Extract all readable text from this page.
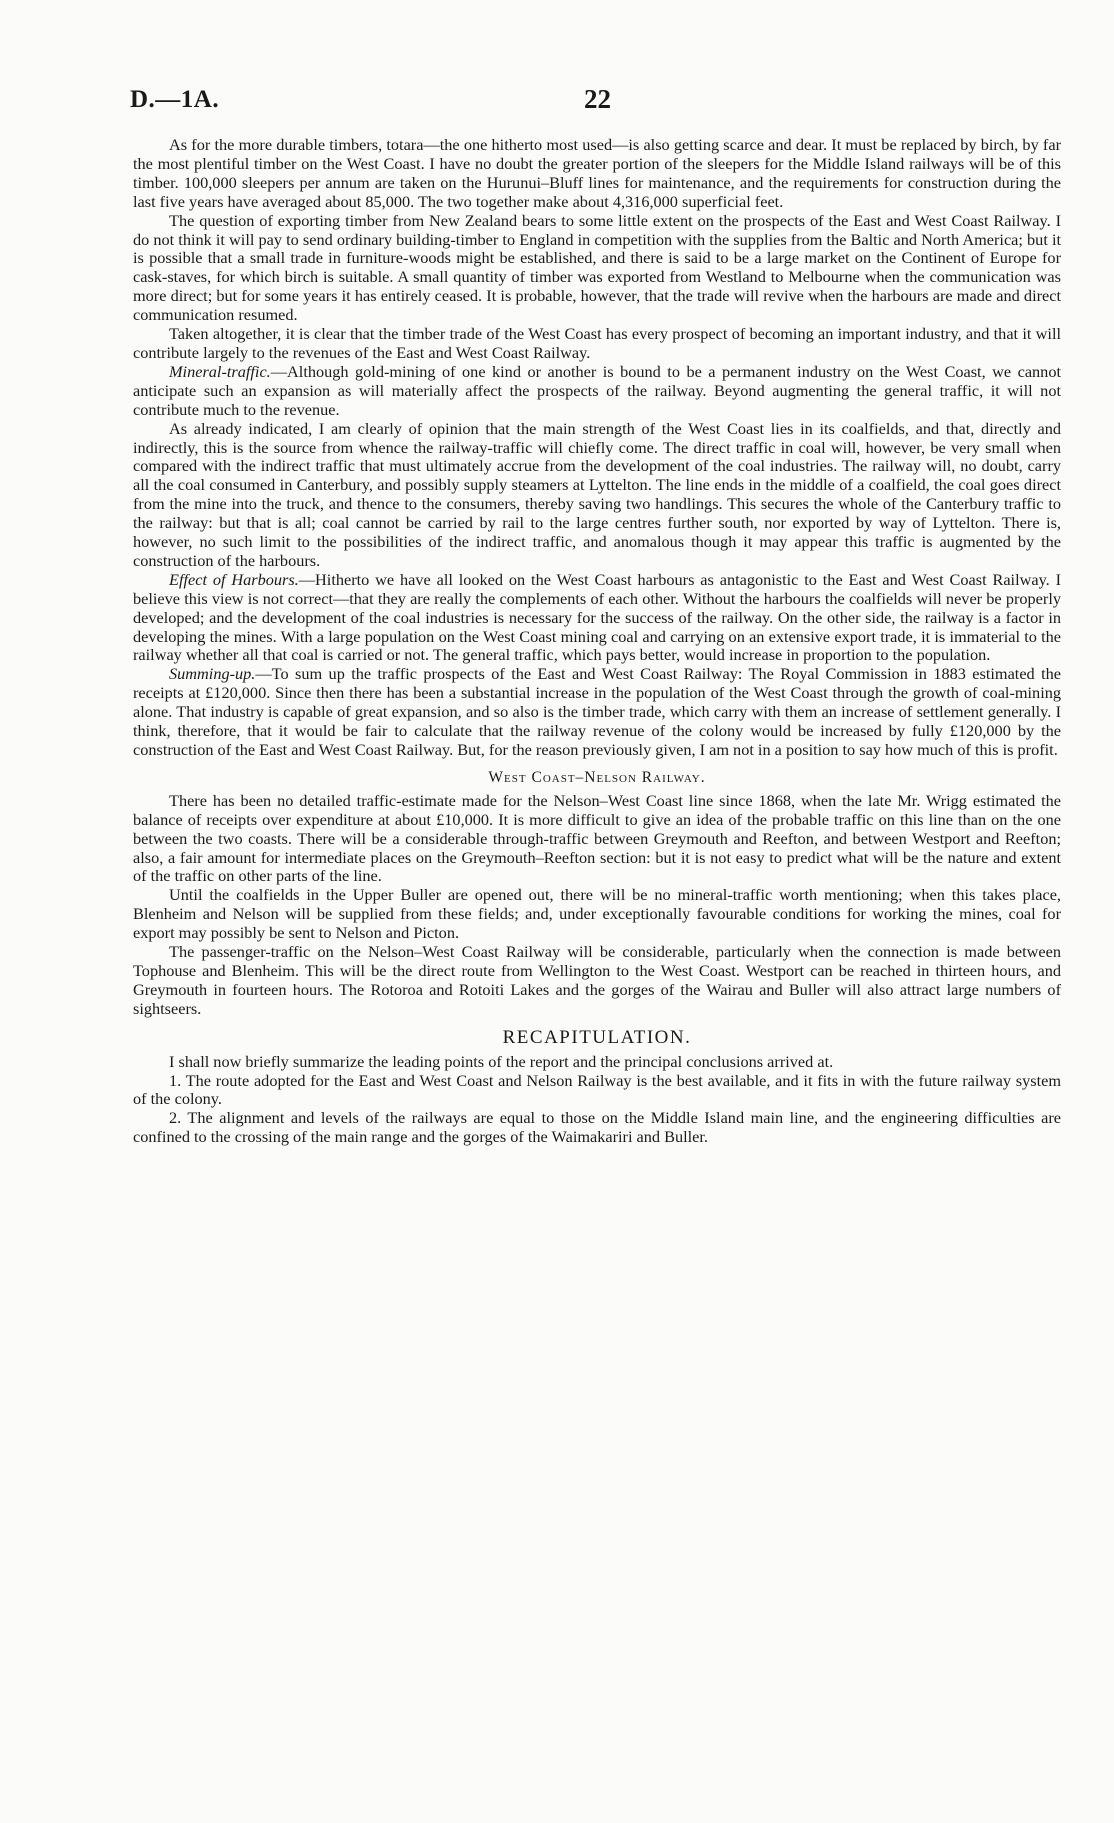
D.—1A.	22

As for the more durable timbers, totara—the one hitherto most used—is also getting scarce and dear. It must be replaced by birch, by far the most plentiful timber on the West Coast. I have no doubt the greater portion of the sleepers for the Middle Island railways will be of this timber. 100,000 sleepers per annum are taken on the Hurunui–Bluff lines for maintenance, and the requirements for construction during the last five years have averaged about 85,000. The two together make about 4,316,000 superficial feet.

The question of exporting timber from New Zealand bears to some little extent on the prospects of the East and West Coast Railway. I do not think it will pay to send ordinary building-timber to England in competition with the supplies from the Baltic and North America; but it is possible that a small trade in furniture-woods might be established, and there is said to be a large market on the Continent of Europe for cask-staves, for which birch is suitable. A small quantity of timber was exported from Westland to Melbourne when the communication was more direct; but for some years it has entirely ceased. It is probable, however, that the trade will revive when the harbours are made and direct communication resumed.

Taken altogether, it is clear that the timber trade of the West Coast has every prospect of becoming an important industry, and that it will contribute largely to the revenues of the East and West Coast Railway.

Mineral-traffic.—Although gold-mining of one kind or another is bound to be a permanent industry on the West Coast, we cannot anticipate such an expansion as will materially affect the prospects of the railway. Beyond augmenting the general traffic, it will not contribute much to the revenue.

As already indicated, I am clearly of opinion that the main strength of the West Coast lies in its coalfields, and that, directly and indirectly, this is the source from whence the railway-traffic will chiefly come. The direct traffic in coal will, however, be very small when compared with the indirect traffic that must ultimately accrue from the development of the coal industries. The railway will, no doubt, carry all the coal consumed in Canterbury, and possibly supply steamers at Lyttelton. The line ends in the middle of a coalfield, the coal goes direct from the mine into the truck, and thence to the consumers, thereby saving two handlings. This secures the whole of the Canterbury traffic to the railway: but that is all; coal cannot be carried by rail to the large centres further south, nor exported by way of Lyttelton. There is, however, no such limit to the possibilities of the indirect traffic, and anomalous though it may appear this traffic is augmented by the construction of the harbours.

Effect of Harbours.—Hitherto we have all looked on the West Coast harbours as antagonistic to the East and West Coast Railway. I believe this view is not correct—that they are really the complements of each other. Without the harbours the coalfields will never be properly developed; and the development of the coal industries is necessary for the success of the railway. On the other side, the railway is a factor in developing the mines. With a large population on the West Coast mining coal and carrying on an extensive export trade, it is immaterial to the railway whether all that coal is carried or not. The general traffic, which pays better, would increase in proportion to the population.

Summing-up.—To sum up the traffic prospects of the East and West Coast Railway: The Royal Commission in 1883 estimated the receipts at £120,000. Since then there has been a substantial increase in the population of the West Coast through the growth of coal-mining alone. That industry is capable of great expansion, and so also is the timber trade, which carry with them an increase of settlement generally. I think, therefore, that it would be fair to calculate that the railway revenue of the colony would be increased by fully £120,000 by the construction of the East and West Coast Railway. But, for the reason previously given, I am not in a position to say how much of this is profit.

West Coast–Nelson Railway.

There has been no detailed traffic-estimate made for the Nelson–West Coast line since 1868, when the late Mr. Wrigg estimated the balance of receipts over expenditure at about £10,000. It is more difficult to give an idea of the probable traffic on this line than on the one between the two coasts. There will be a considerable through-traffic between Greymouth and Reefton, and between Westport and Reefton; also, a fair amount for intermediate places on the Greymouth–Reefton section: but it is not easy to predict what will be the nature and extent of the traffic on other parts of the line.

Until the coalfields in the Upper Buller are opened out, there will be no mineral-traffic worth mentioning; when this takes place, Blenheim and Nelson will be supplied from these fields; and, under exceptionally favourable conditions for working the mines, coal for export may possibly be sent to Nelson and Picton.

The passenger-traffic on the Nelson–West Coast Railway will be considerable, particularly when the connection is made between Tophouse and Blenheim. This will be the direct route from Wellington to the West Coast. Westport can be reached in thirteen hours, and Greymouth in fourteen hours. The Rotoroa and Rotoiti Lakes and the gorges of the Wairau and Buller will also attract large numbers of sightseers.

RECAPITULATION.

I shall now briefly summarize the leading points of the report and the principal conclusions arrived at.

1. The route adopted for the East and West Coast and Nelson Railway is the best available, and it fits in with the future railway system of the colony.

2. The alignment and levels of the railways are equal to those on the Middle Island main line, and the engineering difficulties are confined to the crossing of the main range and the gorges of the Waimakariri and Buller.
